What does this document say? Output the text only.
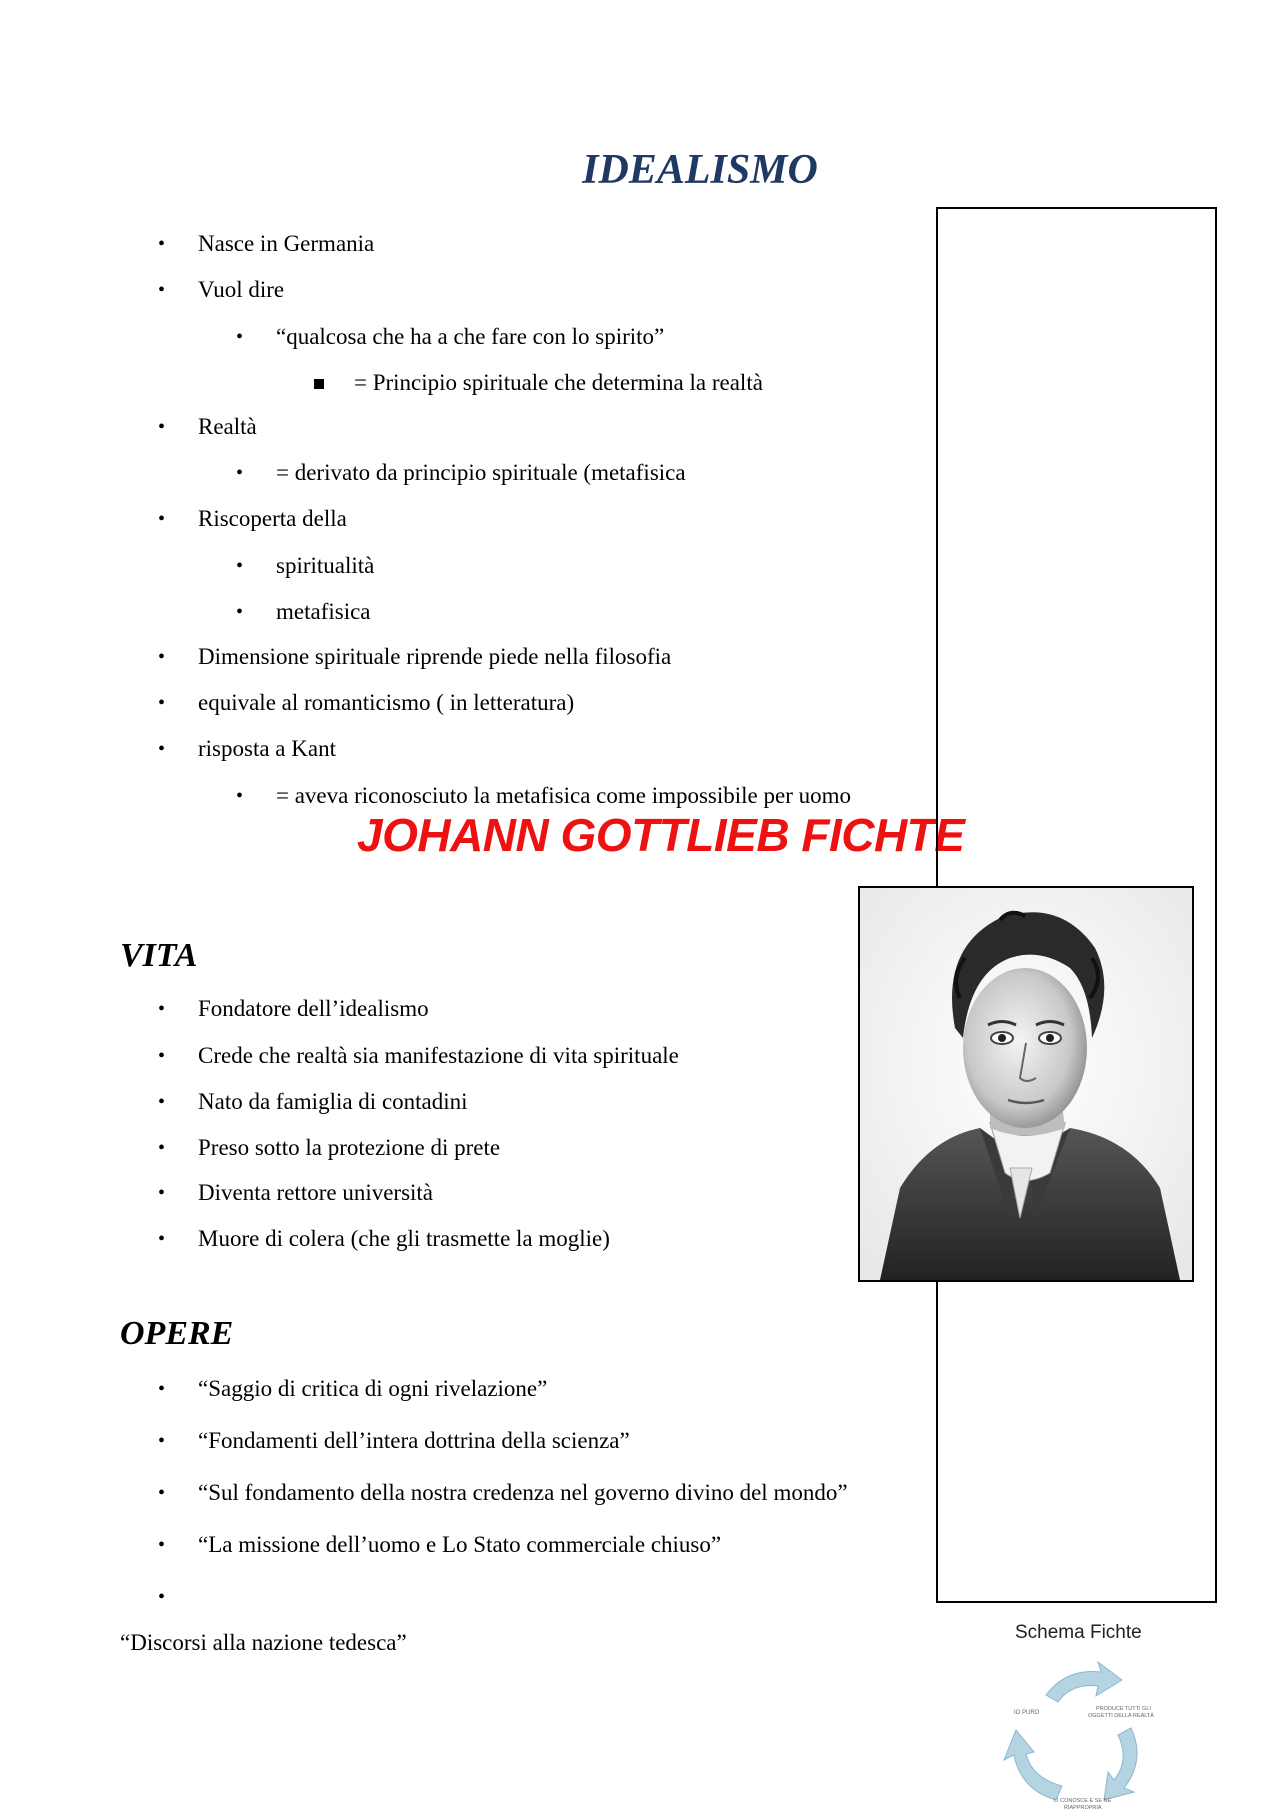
IDEALISMO
• Nasce in Germania
• Vuol dire
• “qualcosa che ha a che fare con lo spirito”
= Principio spirituale che determina la realtà
• Realtà
• = derivato da principio spirituale (metafisica
• Riscoperta della
• spiritualità
• metafisica
• Dimensione spirituale riprende piede nella filosofia
• equivale al romanticismo ( in letteratura)
• risposta a Kant
• = aveva riconosciuto la metafisica come impossibile per uomo
JOHANN GOTTLIEB FICHTE
VITA
• Fondatore dell’idealismo
• Crede che realtà sia manifestazione di vita spirituale
• Nato da famiglia di contadini
• Preso sotto la protezione di prete
• Diventa rettore università
• Muore di colera (che gli trasmette la moglie)
OPERE
• “Saggio di critica di ogni rivelazione”
• “Fondamenti dell’intera dottrina della scienza”
• “Sul fondamento della nostra credenza nel governo divino del mondo”
• “La missione dell’uomo e Lo Stato commerciale chiuso”
•
“Discorsi alla nazione tedesca”	Schema Fichte
IO PURO
PRODUCE TUTTI GLI
OGGETTI DELLA REALTÀ
LI CONOSCE E SE NE
RIAPPROPRIA
